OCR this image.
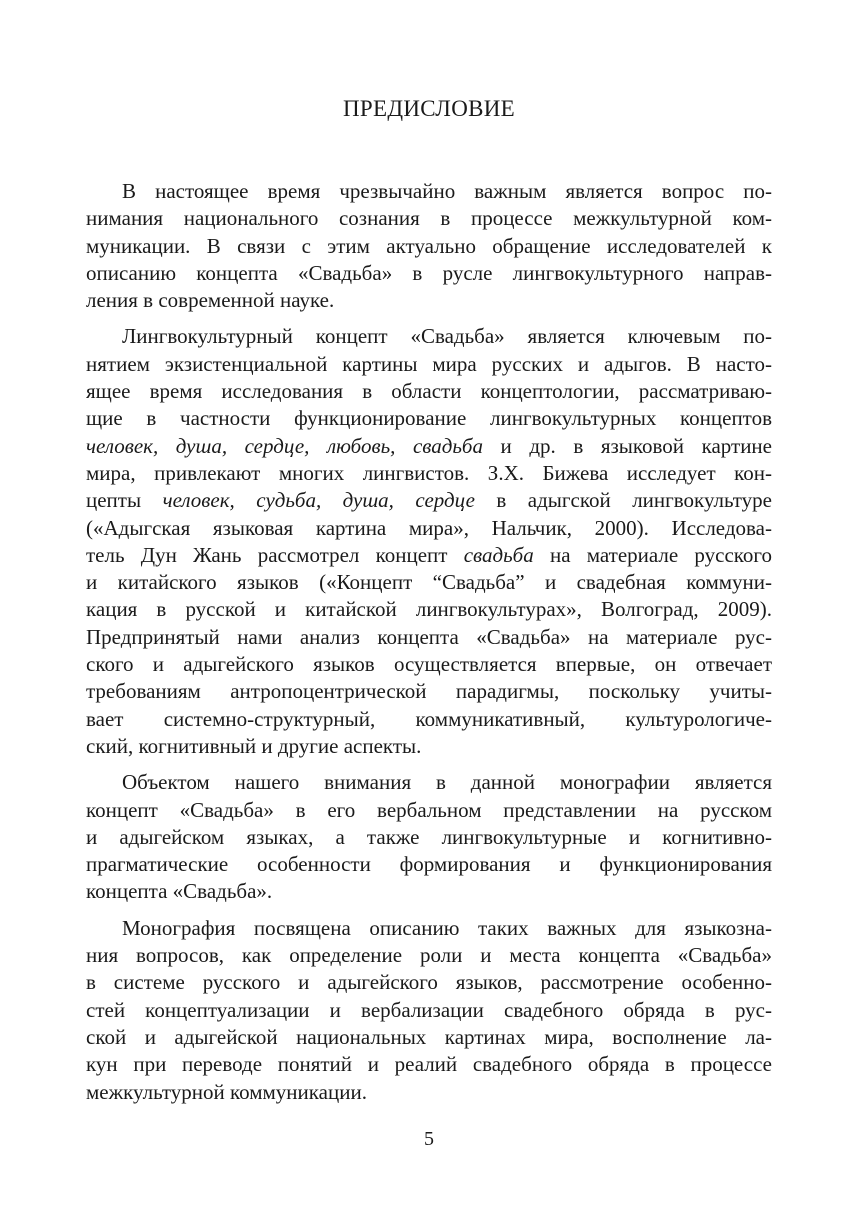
ПРЕДИСЛОВИЕ
В настоящее время чрезвычайно важным является вопрос по-
нимания национального сознания в процессе межкультурной ком-
муникации. В связи с этим актуально обращение исследователей к
описанию концепта «Свадьба» в русле лингвокультурного направ-
ления в современной науке.
Лингвокультурный концепт «Свадьба» является ключевым по-
нятием экзистенциальной картины мира русских и адыгов. В насто-
ящее время исследования в области концептологии, рассматриваю-
щие в частности функционирование лингвокультурных концептов
человек, душа, сердце, любовь, свадьба и др. в языковой картине
мира, привлекают многих лингвистов. З.Х. Бижева исследует кон-
цепты человек, судьба, душа, сердце в адыгской лингвокультуре
(«Адыгская языковая картина мира», Нальчик, 2000). Исследова-
тель Дун Жань рассмотрел концепт свадьба на материале русского
и китайского языков («Концепт “Свадьба” и свадебная коммуни-
кация в русской и китайской лингвокультурах», Волгоград, 2009).
Предпринятый нами анализ концепта «Свадьба» на материале рус-
ского и адыгейского языков осуществляется впервые, он отвечает
требованиям антропоцентрической парадигмы, поскольку учиты-
вает системно-структурный, коммуникативный, культурологиче-
ский, когнитивный и другие аспекты.
Объектом нашего внимания в данной монографии является
концепт «Свадьба» в его вербальном представлении на русском
и адыгейском языках, а также лингвокультурные и когнитивно-
прагматические особенности формирования и функционирования
концепта «Свадьба».
Монография посвящена описанию таких важных для языкозна-
ния вопросов, как определение роли и места концепта «Свадьба»
в системе русского и адыгейского языков, рассмотрение особенно-
стей концептуализации и вербализации свадебного обряда в рус-
ской и адыгейской национальных картинах мира, восполнение ла-
кун при переводе понятий и реалий свадебного обряда в процессе
межкультурной коммуникации.
5
